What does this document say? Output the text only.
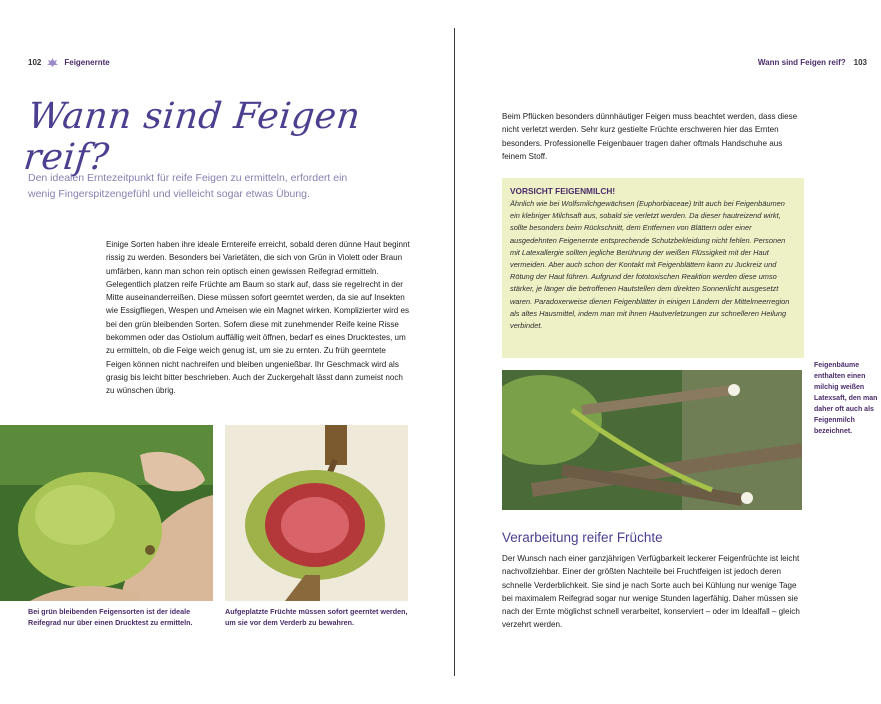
102	Feigenernte
Wann sind Feigen reif?

Den idealen Erntezeitpunkt für reife Feigen zu ermitteln, erfordert ein wenig Fingerspitzengefühl und vielleicht sogar etwas Übung.

Einige Sorten haben ihre ideale Erntereife erreicht, sobald deren dünne Haut beginnt rissig zu werden. Besonders bei Varietäten, die sich von Grün in Violett oder Braun umfärben, kann man schon rein optisch einen gewissen Reifegrad ermitteln. Gelegentlich platzen reife Früchte am Baum so stark auf, dass sie regelrecht in der Mitte auseinanderreißen. Diese müssen sofort geerntet werden, da sie auf Insekten wie Essigfliegen, Wespen und Ameisen wie ein Magnet wirken. Komplizierter wird es bei den grün bleibenden Sorten. Sofern diese mit zunehmender Reife keine Risse bekommen oder das Ostiolum auffällig weit öffnen, bedarf es eines Drucktestes, um zu ermitteln, ob die Feige weich genug ist, um sie zu ernten. Zu früh geerntete Feigen können nicht nachreifen und bleiben ungenießbar. Ihr Geschmack wird als grasig bis leicht bitter beschrieben. Auch der Zuckergehalt lässt dann zumeist noch zu wünschen übrig.

Bei grün bleibenden Feigensorten ist der ideale Reifegrad nur über einen Drucktest zu ermitteln.

Aufgeplatzte Früchte müssen sofort geerntet werden, um sie vor dem Verderb zu bewahren.

Wann sind Feigen reif? 103

Beim Pflücken besonders dünnhäutiger Feigen muss beachtet werden, dass diese nicht verletzt werden. Sehr kurz gestielte Früchte erschweren hier das Ernten besonders. Professionelle Feigenbauer tragen daher oftmals Handschuhe aus feinem Stoff.

VORSICHT FEIGENMILCH!

Ähnlich wie bei Wolfsmilchgewächsen (Euphorbiaceae) tritt auch bei Feigenbäumen ein klebriger Milchsaft aus, sobald sie verletzt werden. Da dieser hautreizend wirkt, sollte besonders beim Rückschnitt, dem Entfernen von Blättern oder einer ausgedehnten Feigenernte entsprechende Schutzbekleidung nicht fehlen. Personen mit Latexallergie sollten jegliche Berührung der weißen Flüssigkeit mit der Haut vermeiden. Aber auch schon der Kontakt mit Feigenblättern kann zu Juckreiz und Rötung der Haut führen. Aufgrund der fototoxischen Reaktion werden diese umso stärker, je länger die betroffenen Hautstellen dem direkten Sonnenlicht ausgesetzt waren. Paradoxerweise dienen Feigenblätter in einigen Ländern der Mittelmeerregion als altes Hausmittel, indem man mit ihnen Hautverletzungen zur schnelleren Heilung verbindet.

Feigenbäume enthalten einen milchig weißen Latexsaft, den man daher oft auch als Feigenmilch bezeichnet.

Verarbeitung reifer Früchte

Der Wunsch nach einer ganzjährigen Verfügbarkeit leckerer Feigenfrüchte ist leicht nachvollziehbar. Einer der größten Nachteile bei Fruchtfeigen ist jedoch deren schnelle Verderblichkeit. Sie sind je nach Sorte auch bei Kühlung nur wenige Tage bei maximalem Reifegrad sogar nur wenige Stunden lagerfähig. Daher müssen sie nach der Ernte möglichst schnell verarbeitet, konserviert – oder im Idealfall – gleich verzehrt werden.
